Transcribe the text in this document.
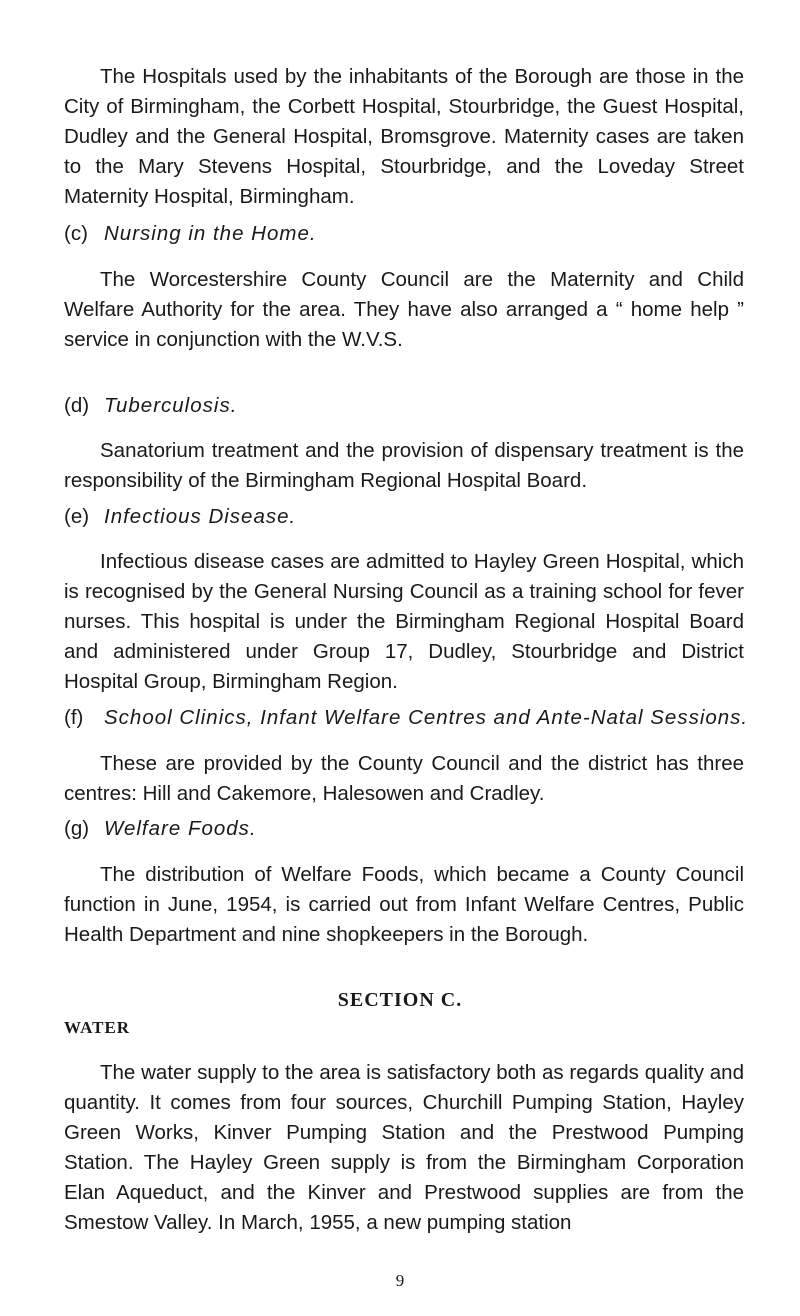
The Hospitals used by the inhabitants of the Borough are those in the City of Birmingham, the Corbett Hospital, Stourbridge, the Guest Hospital, Dudley and the General Hospital, Bromsgrove. Maternity cases are taken to the Mary Stevens Hospital, Stourbridge, and the Loveday Street Maternity Hospital, Birmingham.

(c) Nursing in the Home.

The Worcestershire County Council are the Maternity and Child Welfare Authority for the area. They have also arranged a “ home help ” service in conjunction with the W.V.S.

(d) Tuberculosis.

Sanatorium treatment and the provision of dispensary treatment is the responsibility of the Birmingham Regional Hospital Board.

(e) Infectious Disease.

Infectious disease cases are admitted to Hayley Green Hospital, which is recognised by the General Nursing Council as a training school for fever nurses. This hospital is under the Birmingham Regional Hospital Board and administered under Group 17, Dudley, Stourbridge and District Hospital Group, Birmingham Region.

(f) School Clinics, Infant Welfare Centres and Ante-Natal Sessions.

These are provided by the County Council and the district has three centres: Hill and Cakemore, Halesowen and Cradley.

(g) Welfare Foods.

The distribution of Welfare Foods, which became a County Council function in June, 1954, is carried out from Infant Welfare Centres, Public Health Department and nine shopkeepers in the Borough.

SECTION C.
WATER

The water supply to the area is satisfactory both as regards quality and quantity. It comes from four sources, Churchill Pumping Station, Hayley Green Works, Kinver Pumping Station and the Prestwood Pumping Station. The Hayley Green supply is from the Birmingham Corporation Elan Aqueduct, and the Kinver and Prestwood supplies are from the Smestow Valley. In March, 1955, a new pumping station

9
